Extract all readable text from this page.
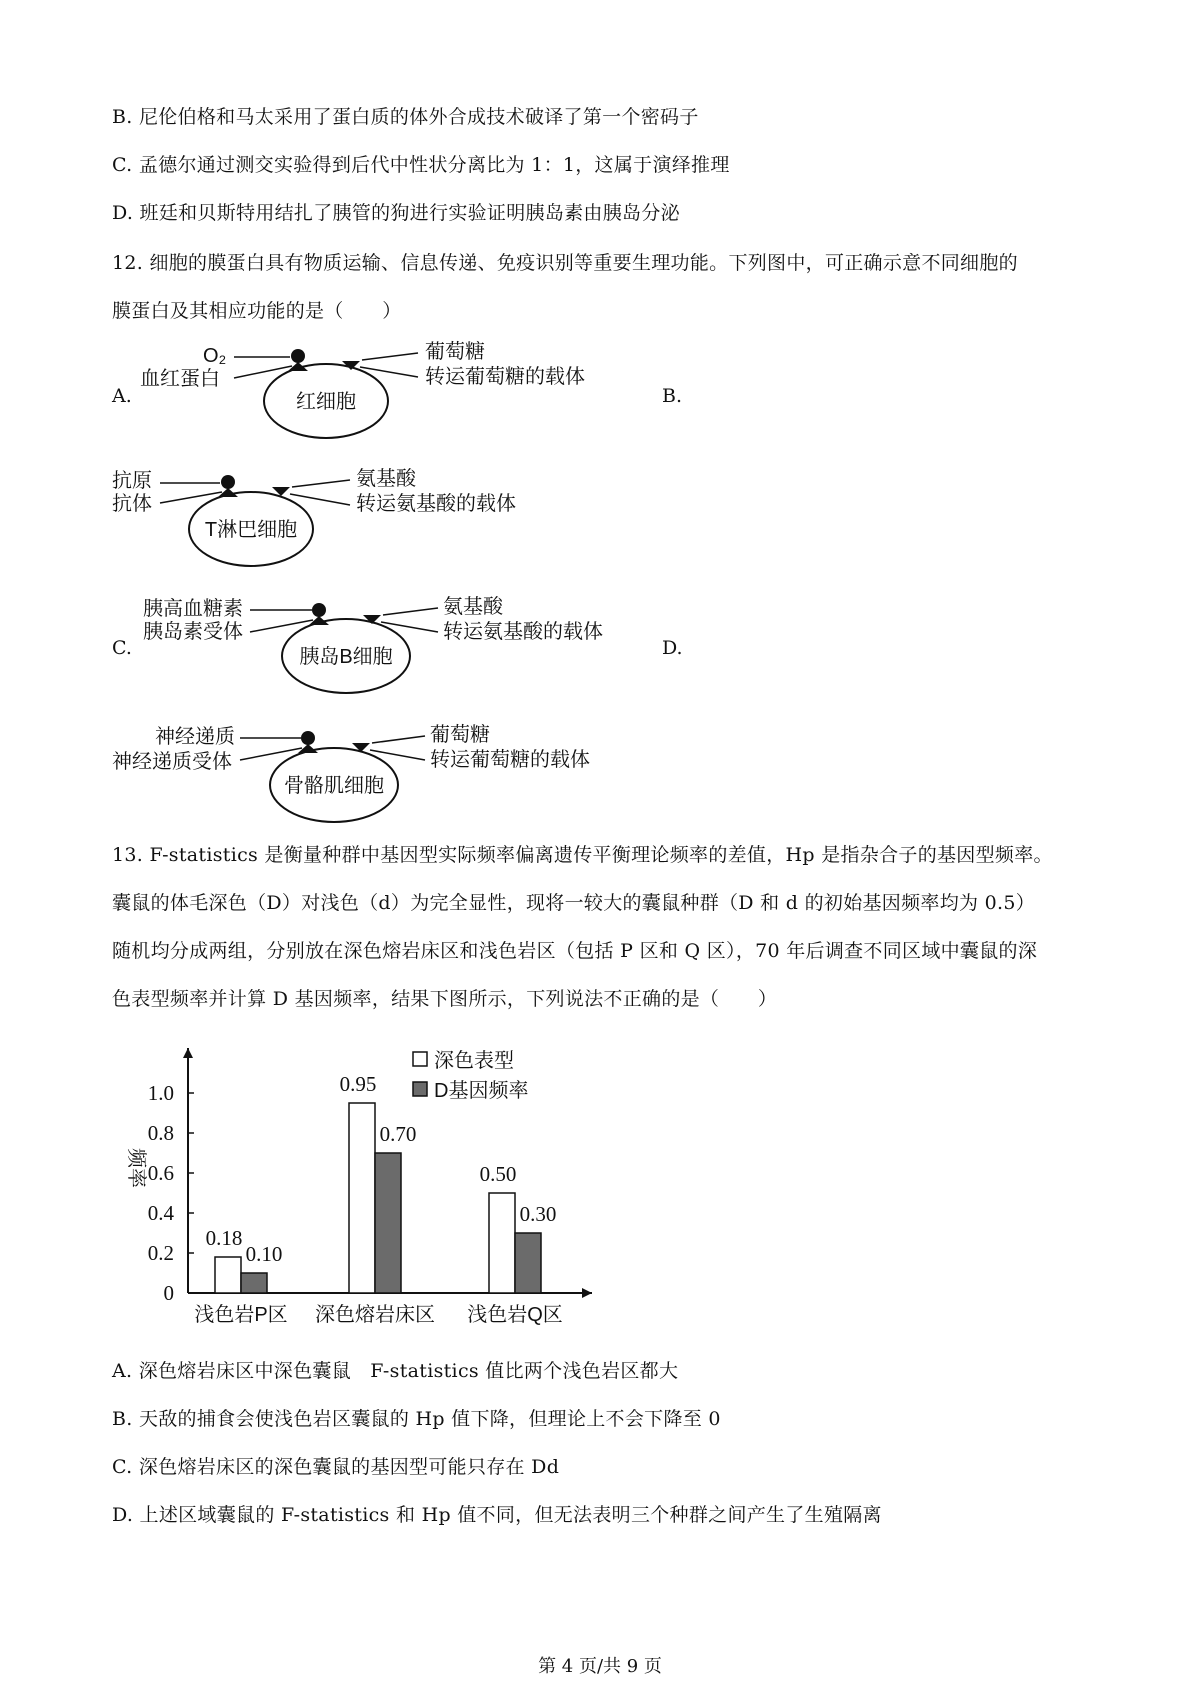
B. 尼伦伯格和马太采用了蛋白质的体外合成技术破译了第一个密码子
C. 孟德尔通过测交实验得到后代中性状分离比为 1：1，这属于演绎推理
D. 班廷和贝斯特用结扎了胰管的狗进行实验证明胰岛素由胰岛分泌
12. 细胞的膜蛋白具有物质运输、信息传递、免疫识别等重要生理功能。下列图中，可正确示意不同细胞的
膜蛋白及其相应功能的是（　　）
A.	B.
C.	D.
O₂
血红蛋白
葡萄糖
转运葡萄糖的载体
红细胞
抗原
抗体
氨基酸
转运氨基酸的载体
T淋巴细胞
胰高血糖素
胰岛素受体
氨基酸
转运氨基酸的载体
胰岛B细胞
神经递质
神经递质受体
葡萄糖
转运葡萄糖的载体
骨骼肌细胞
0
0.2
0.4
0.6
0.8
1.0
频率
0.18
0.10
浅色岩P区
0.95
0.70
深色熔岩床区
0.50
0.30
浅色岩Q区
深色表型
D基因频率
13. F-statistics 是衡量种群中基因型实际频率偏离遗传平衡理论频率的差值，Hp 是指杂合子的基因型频率。
囊鼠的体毛深色（D）对浅色（d）为完全显性，现将一较大的囊鼠种群（D 和 d 的初始基因频率均为 0.5）
随机均分成两组，分别放在深色熔岩床区和浅色岩区（包括 P 区和 Q 区），70 年后调查不同区域中囊鼠的深
色表型频率并计算 D 基因频率，结果下图所示，下列说法不正确的是（　　）
A. 深色熔岩床区中深色囊鼠　F-statistics 值比两个浅色岩区都大
B. 天敌的捕食会使浅色岩区囊鼠的 Hp 值下降，但理论上不会下降至 0
C. 深色熔岩床区的深色囊鼠的基因型可能只存在 Dd
D. 上述区域囊鼠的 F-statistics 和 Hp 值不同，但无法表明三个种群之间产生了生殖隔离
第 4 页/共 9 页
